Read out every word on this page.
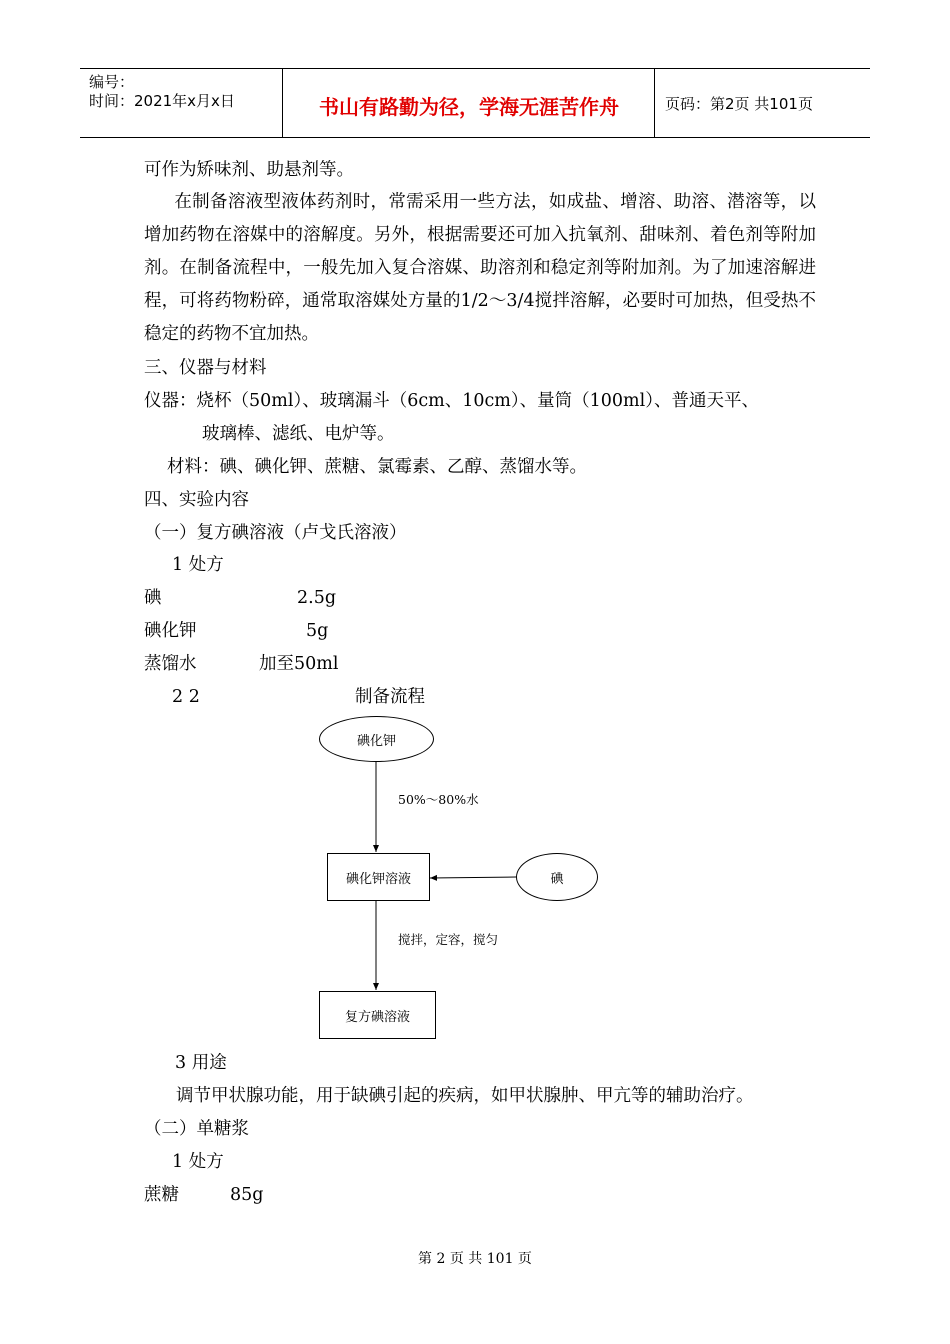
编号：
时间：2021年x月x日	书山有路勤为径，学海无涯苦作舟	页码：第2页 共101页
可作为矫味剂、助悬剂等。
在制备溶液型液体药剂时，常需采用一些方法，如成盐、增溶、助溶、潜溶等，以增加药物在溶媒中的溶解度。另外，根据需要还可加入抗氧剂、甜味剂、着色剂等附加剂。在制备流程中，一般先加入复合溶媒、助溶剂和稳定剂等附加剂。为了加速溶解进程，可将药物粉碎，通常取溶媒处方量的1/2～3/4搅拌溶解，必要时可加热，但受热不稳定的药物不宜加热。
三、仪器与材料
仪器：烧杯（50ml）、玻璃漏斗（6cm、10cm）、量筒（100ml）、普通天平、
玻璃棒、滤纸、电炉等。
材料：碘、碘化钾、蔗糖、氯霉素、乙醇、蒸馏水等。
四、实验内容
（一）复方碘溶液（卢戈氏溶液）
1 处方
碘	2.5g
碘化钾	5g
蒸馏水	加至50ml
2 2	制备流程
碘化钾
50%～80%水
碘化钾溶液	碘
搅拌，定容，搅匀
复方碘溶液
3 用途
调节甲状腺功能，用于缺碘引起的疾病，如甲状腺肿、甲亢等的辅助治疗。
（二）单糖浆
1 处方
蔗糖	85g
第 2 页 共 101 页
